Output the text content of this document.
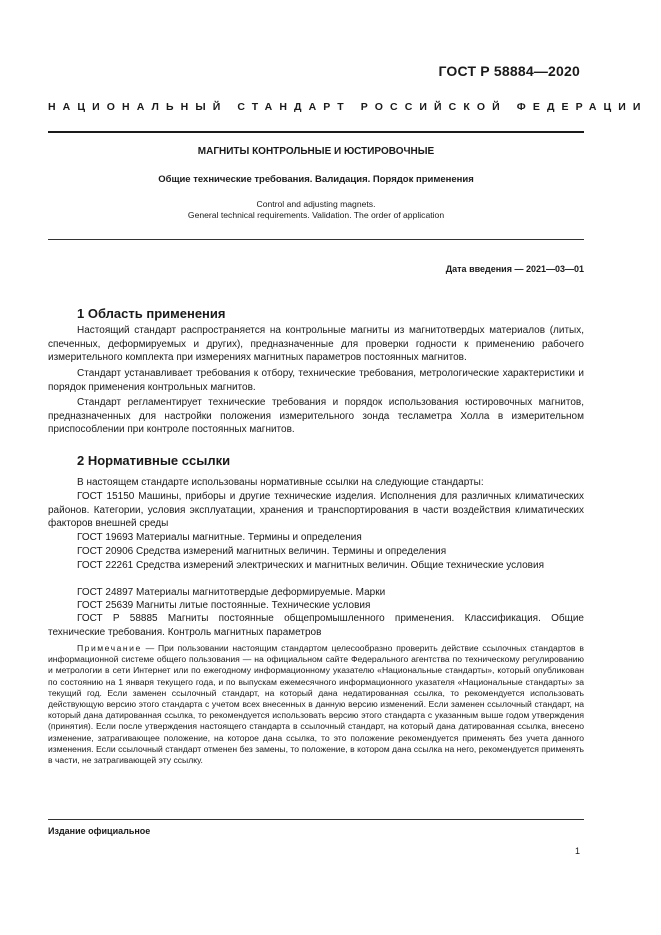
ГОСТ Р 58884—2020
НАЦИОНАЛЬНЫЙ СТАНДАРТ РОССИЙСКОЙ ФЕДЕРАЦИИ
МАГНИТЫ КОНТРОЛЬНЫЕ И ЮСТИРОВОЧНЫЕ
Общие технические требования. Валидация. Порядок применения
Control and adjusting magnets.
General technical requirements. Validation. The order of application
Дата введения — 2021—03—01
1 Область применения
Настоящий стандарт распространяется на контрольные магниты из магнитотвердых материалов (литых, спеченных, деформируемых и других), предназначенные для проверки годности к применению рабочего измерительного комплекта при измерениях магнитных параметров постоянных магнитов.
Стандарт устанавливает требования к отбору, технические требования, метрологические характеристики и порядок применения контрольных магнитов.
Стандарт регламентирует технические требования и порядок использования юстировочных магнитов, предназначенных для настройки положения измерительного зонда тесламетра Холла в измерительном приспособлении при контроле постоянных магнитов.
2 Нормативные ссылки
В настоящем стандарте использованы нормативные ссылки на следующие стандарты:
ГОСТ 15150 Машины, приборы и другие технические изделия. Исполнения для различных климатических районов. Категории, условия эксплуатации, хранения и транспортирования в части воздействия климатических факторов внешней среды
ГОСТ 19693 Материалы магнитные. Термины и определения
ГОСТ 20906 Средства измерений магнитных величин. Термины и определения
ГОСТ 22261 Средства измерений электрических и магнитных величин. Общие технические условия
ГОСТ 24897 Материалы магнитотвердые деформируемые. Марки
ГОСТ 25639 Магниты литые постоянные. Технические условия
ГОСТ Р 58885 Магниты постоянные общепромышленного применения. Классификация. Общие технические требования. Контроль магнитных параметров
Примечание — При пользовании настоящим стандартом целесообразно проверить действие ссылочных стандартов в информационной системе общего пользования — на официальном сайте Федерального агентства по техническому регулированию и метрологии в сети Интернет или по ежегодному информационному указателю «Национальные стандарты», который опубликован по состоянию на 1 января текущего года, и по выпускам ежемесячного информационного указателя «Национальные стандарты» за текущий год. Если заменен ссылочный стандарт, на который дана недатированная ссылка, то рекомендуется использовать действующую версию этого стандарта с учетом всех внесенных в данную версию изменений. Если заменен ссылочный стандарт, на который дана датированная ссылка, то рекомендуется использовать версию этого стандарта с указанным выше годом утверждения (принятия). Если после утверждения настоящего стандарта в ссылочный стандарт, на который дана датированная ссылка, внесено изменение, затрагивающее положение, на которое дана ссылка, то это положение рекомендуется применять без учета данного изменения. Если ссылочный стандарт отменен без замены, то положение, в котором дана ссылка на него, рекомендуется применять в части, не затрагивающей эту ссылку.
Издание официальное
1
